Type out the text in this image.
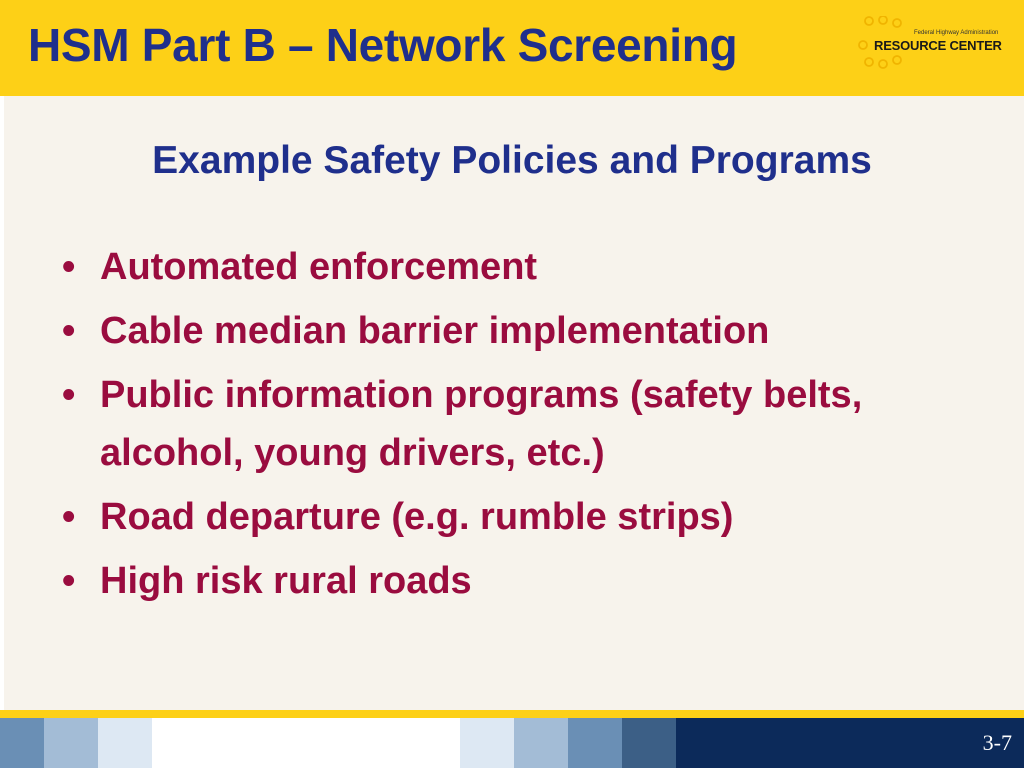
HSM Part B – Network Screening	Federal Highway Administration
RESOURCE CENTER
Example Safety Policies and Programs
• Automated enforcement
• Cable median barrier implementation
• Public information programs (safety belts, alcohol, young drivers, etc.)
• Road departure (e.g. rumble strips)
• High risk rural roads
3-7
